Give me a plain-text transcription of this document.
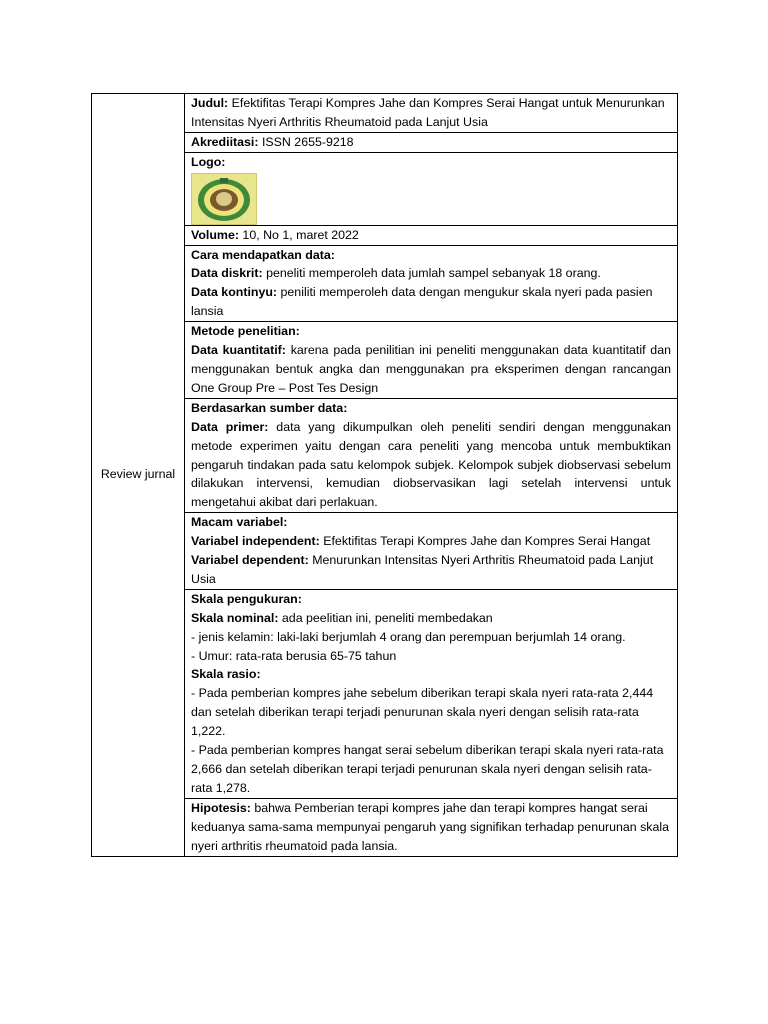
Review jurnal	Judul: Efektifitas Terapi Kompres Jahe dan Kompres Serai Hangat untuk Menurunkan Intensitas Nyeri Arthritis Rheumatoid pada Lanjut Usia
Akrediitasi: ISSN 2655-9218
Logo:

Volume: 10, No 1, maret 2022

Cara mendapatkan data:

Data diskrit: peneliti memperoleh data jumlah sampel sebanyak 18 orang.

Data kontinyu: peniliti memperoleh data dengan mengukur skala nyeri pada pasien lansia

Metode penelitian:

Data kuantitatif: karena pada penilitian ini peneliti menggunakan data kuantitatif dan menggunakan bentuk angka dan menggunakan pra eksperimen dengan rancangan One Group Pre – Post Tes Design

Berdasarkan sumber data:

Data primer: data yang dikumpulkan oleh peneliti sendiri dengan menggunakan metode experimen yaitu dengan cara peneliti yang mencoba untuk membuktikan pengaruh tindakan pada satu kelompok subjek. Kelompok subjek diobservasi sebelum dilakukan intervensi, kemudian diobservasikan lagi setelah intervensi untuk mengetahui akibat dari perlakuan.

Macam variabel:

Variabel independent: Efektifitas Terapi Kompres Jahe dan Kompres Serai Hangat

Variabel dependent: Menurunkan Intensitas Nyeri Arthritis Rheumatoid pada Lanjut Usia

Skala pengukuran:

Skala nominal: ada peelitian ini, peneliti membedakan

- jenis kelamin: laki-laki berjumlah 4 orang dan perempuan berjumlah 14 orang.

- Umur: rata-rata berusia 65-75 tahun

Skala rasio:

- Pada pemberian kompres jahe sebelum diberikan terapi skala nyeri rata-rata 2,444 dan setelah diberikan terapi terjadi penurunan skala nyeri dengan selisih rata-rata 1,222.

- Pada pemberian kompres hangat serai sebelum diberikan terapi skala nyeri rata-rata 2,666 dan setelah diberikan terapi terjadi penurunan skala nyeri dengan selisih rata-rata 1,278.

Hipotesis: bahwa Pemberian terapi kompres jahe dan terapi kompres hangat serai keduanya sama-sama mempunyai pengaruh yang signifikan terhadap penurunan skala nyeri arthritis rheumatoid pada lansia.
